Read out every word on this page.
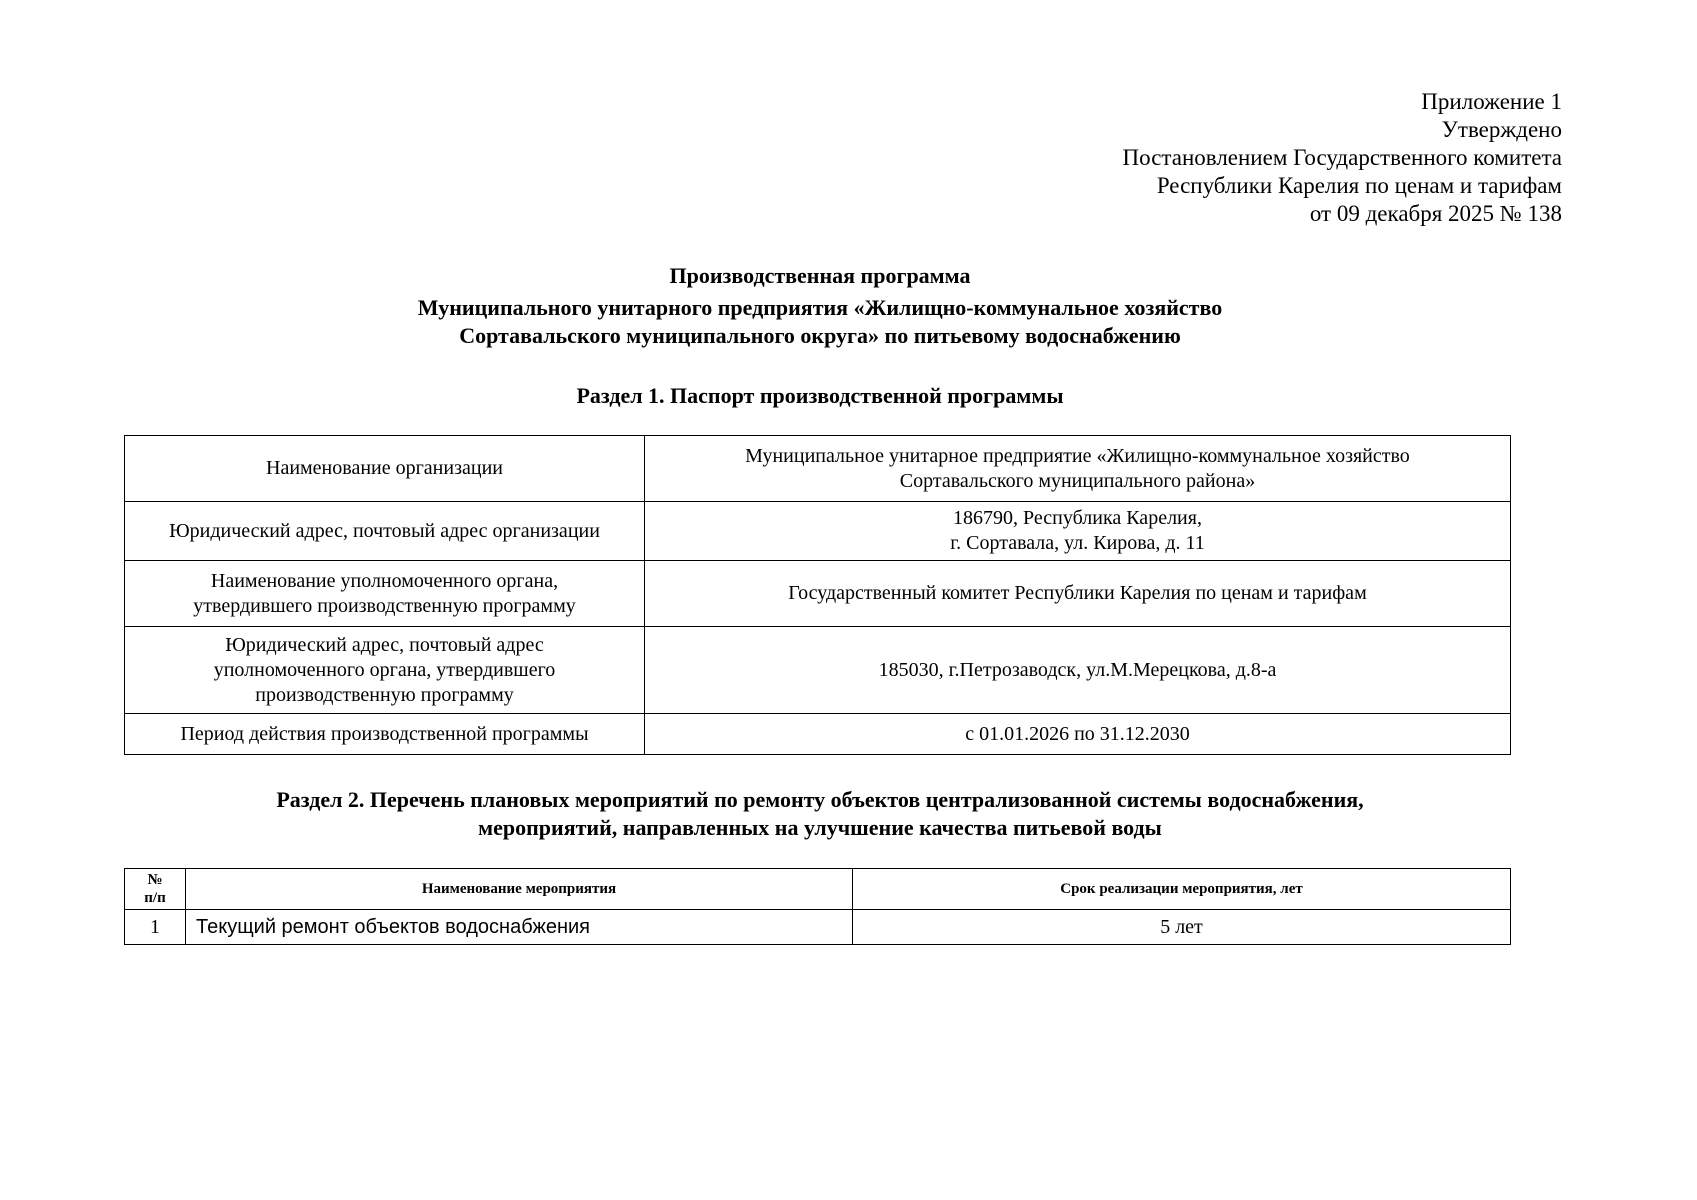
Приложение 1
Утверждено
Постановлением Государственного комитета
Республики Карелия по ценам и тарифам
от 09 декабря 2025 № 138
Производственная программа
Муниципального унитарного предприятия «Жилищно-коммунальное хозяйство
Сортавальского муниципального округа» по питьевому водоснабжению
Раздел 1. Паспорт производственной программы
Наименование организации	Муниципальное унитарное предприятие «Жилищно-коммунальное хозяйство
Сортавальского муниципального района»

Юридический адрес, почтовый адрес организации	186790, Республика Карелия,
г. Сортавала, ул. Кирова, д. 11

Наименование уполномоченного органа,
утвердившего производственную программу	Государственный комитет Республики Карелия по ценам и тарифам

Юридический адрес, почтовый адрес
уполномоченного органа, утвердившего
производственную программу	185030, г.Петрозаводск, ул.М.Мерецкова, д.8-а

Период действия производственной программы	с 01.01.2026 по 31.12.2030
Раздел 2. Перечень плановых мероприятий по ремонту объектов централизованной системы водоснабжения,
мероприятий, направленных на улучшение качества питьевой воды
№
п/п	Наименование мероприятия	Срок реализации мероприятия, лет
1	Текущий ремонт объектов водоснабжения	5 лет
